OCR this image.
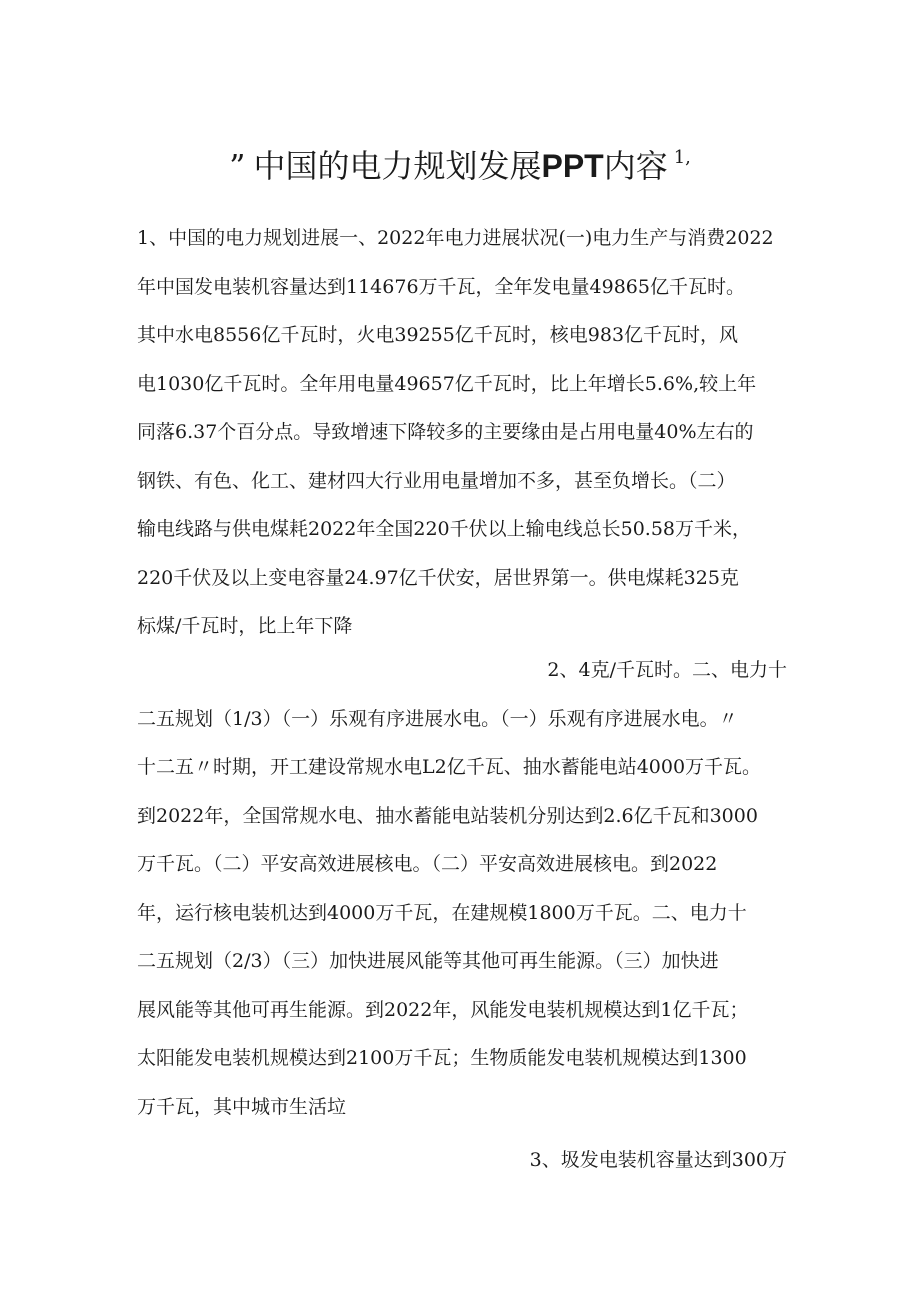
” 中国的电力规划发展PPT内容 $^{1,}$
1、中国的电力规划进展一、2022年电力进展状况(一)电力生产与消费2022
年中国发电装机容量达到114676万千瓦，全年发电量49865亿千瓦时。
其中水电8556亿千瓦时，火电39255亿千瓦时，核电983亿千瓦时，风
电1030亿千瓦时。全年用电量49657亿千瓦时，比上年增长5.6%,较上年
同落6.37个百分点。导致增速下降较多的主要缘由是占用电量40%左右的
钢铁、有色、化工、建材四大行业用电量增加不多，甚至负增长。（二）
输电线路与供电煤耗2022年全国220千伏以上输电线总长50.58万千米，
220千伏及以上变电容量24.97亿千伏安，居世界第一。供电煤耗325克
标煤/千瓦时，比上年下降
2、4克/千瓦时。二、电力十
二五规划（1/3）（一）乐观有序进展水电。（一）乐观有序进展水电。〃
十二五〃时期，开工建设常规水电L2亿千瓦、抽水蓄能电站4000万千瓦。
到2022年，全国常规水电、抽水蓄能电站装机分别达到2.6亿千瓦和3000
万千瓦。（二）平安高效进展核电。（二）平安高效进展核电。到2022
年，运行核电装机达到4000万千瓦，在建规模1800万千瓦。二、电力十
二五规划（2/3）（三）加快进展风能等其他可再生能源。（三）加快进
展风能等其他可再生能源。到2022年，风能发电装机规模达到1亿千瓦；
太阳能发电装机规模达到2100万千瓦；生物质能发电装机规模达到1300
万千瓦，其中城市生活垃
3、圾发电装机容量达到300万
